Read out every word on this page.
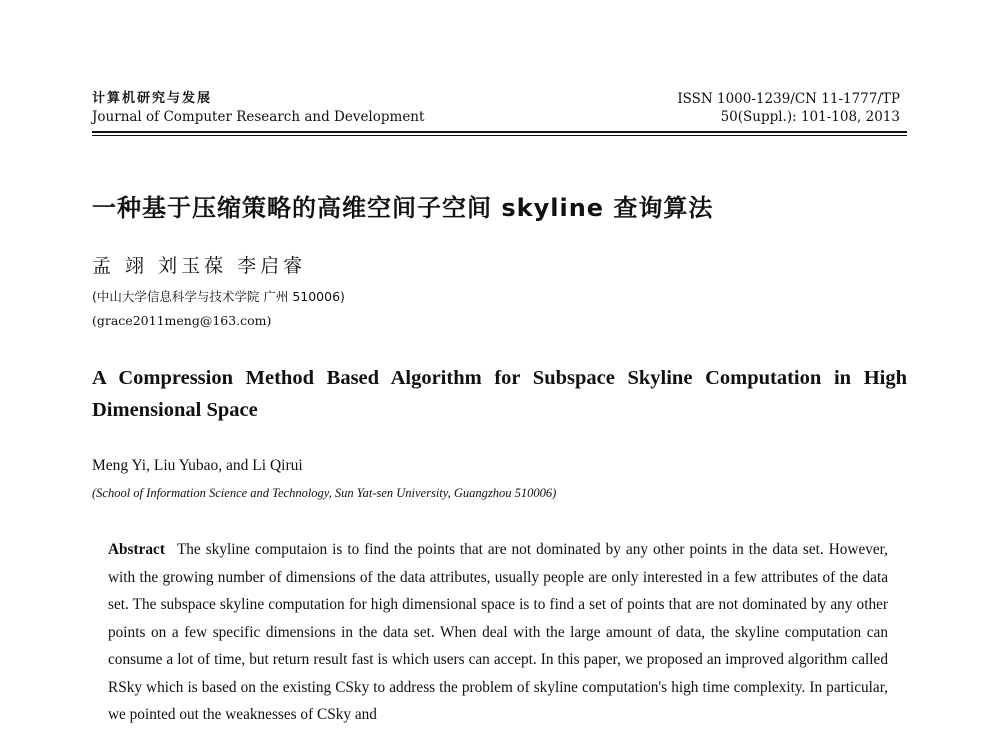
计算机研究与发展
Journal of Computer Research and Development
ISSN 1000-1239/CN 11-1777/TP
50(Suppl.): 101-108, 2013
一种基于压缩策略的高维空间子空间 skyline 查询算法
孟 翊 刘玉葆 李启睿
(中山大学信息科学与技术学院 广州 510006)
(grace2011meng@163.com)
A Compression Method Based Algorithm for Subspace Skyline Computation in High Dimensional Space
Meng Yi, Liu Yubao, and Li Qirui
(School of Information Science and Technology, Sun Yat-sen University, Guangzhou 510006)
Abstract The skyline computaion is to find the points that are not dominated by any other points in the data set. However, with the growing number of dimensions of the data attributes, usually people are only interested in a few attributes of the data set. The subspace skyline computation for high dimensional space is to find a set of points that are not dominated by any other points on a few specific dimensions in the data set. When deal with the large amount of data, the skyline computation can consume a lot of time, but return result fast is which users can accept. In this paper, we proposed an improved algorithm called RSky which is based on the existing CSky to address the problem of skyline computation's high time complexity. In particular, we pointed out the weaknesses of CSky and
